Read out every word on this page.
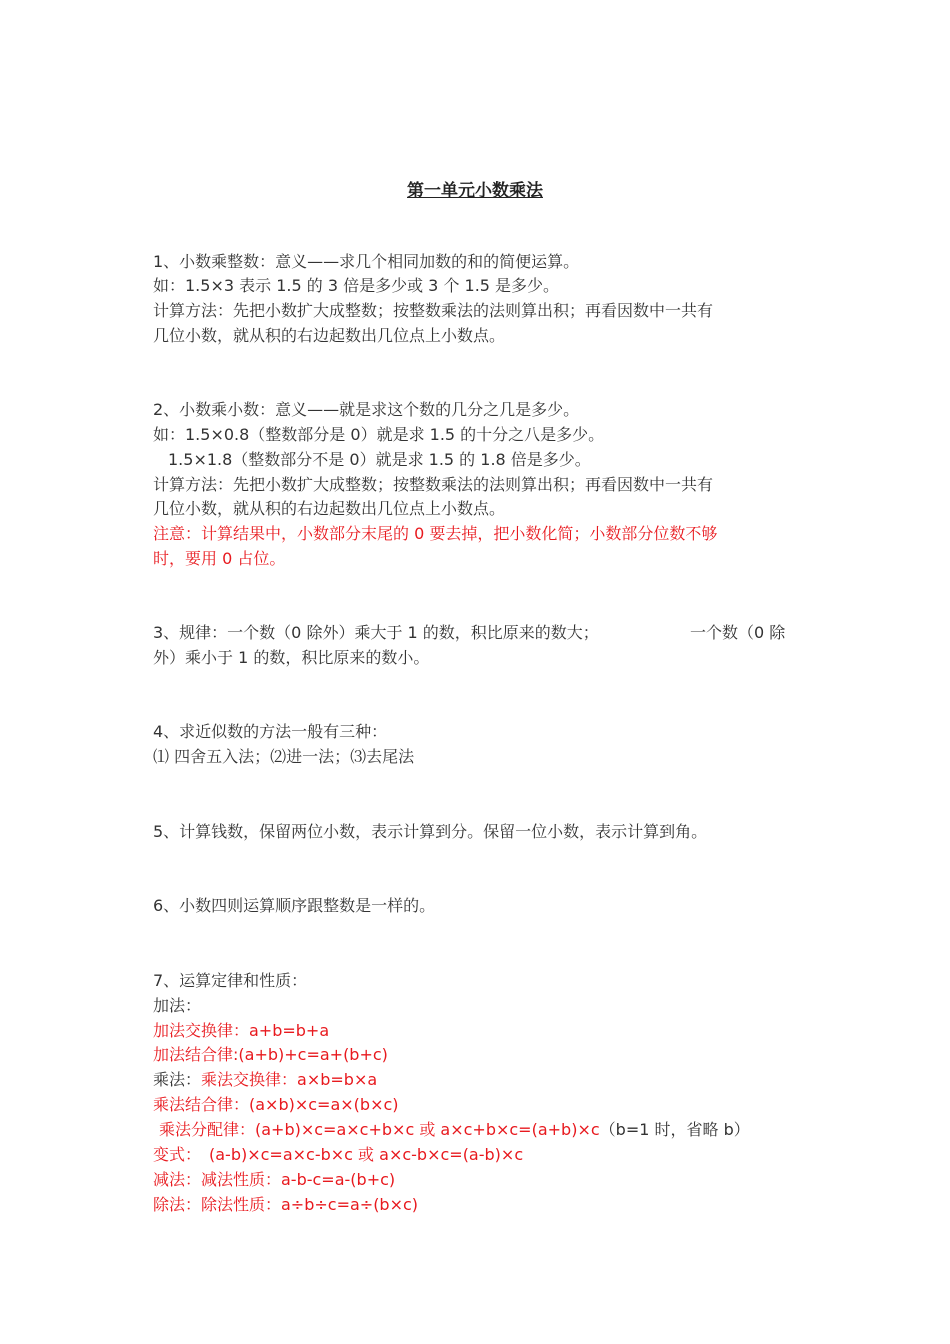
第一单元小数乘法

1、小数乘整数：意义——求几个相同加数的和的简便运算。

如：1.5×3 表示 1.5 的 3 倍是多少或 3 个 1.5 是多少。

计算方法：先把小数扩大成整数；按整数乘法的法则算出积；再看因数中一共有

几位小数，就从积的右边起数出几位点上小数点。

2、小数乘小数：意义——就是求这个数的几分之几是多少。

如：1.5×0.8（整数部分是 0）就是求 1.5 的十分之八是多少。

1.5×1.8（整数部分不是 0）就是求 1.5 的 1.8 倍是多少。

计算方法：先把小数扩大成整数；按整数乘法的法则算出积；再看因数中一共有

几位小数，就从积的右边起数出几位点上小数点。

注意：计算结果中，小数部分末尾的 0 要去掉，把小数化简；小数部分位数不够

时，要用 0 占位。

3、规律：一个数（0 除外）乘大于 1 的数，积比原来的数大；	一个数（0 除

外）乘小于 1 的数，积比原来的数小。

4、求近似数的方法一般有三种：

⑴ 四舍五入法；⑵进一法；⑶去尾法

5、计算钱数，保留两位小数，表示计算到分。保留一位小数，表示计算到角。

6、小数四则运算顺序跟整数是一样的。

7、运算定律和性质：

加法：

加法交换律：a+b=b+a

加法结合律:(a+b)+c=a+(b+c)

乘法：乘法交换律：a×b=b×a

乘法结合律：(a×b)×c=a×(b×c)

乘法分配律：(a+b)×c=a×c+b×c 或 a×c+b×c=(a+b)×c（b=1 时，省略 b）

变式：　(a-b)×c=a×c-b×c 或 a×c-b×c=(a-b)×c

减法：减法性质：a-b-c=a-(b+c)

除法：除法性质：a÷b÷c=a÷(b×c)
